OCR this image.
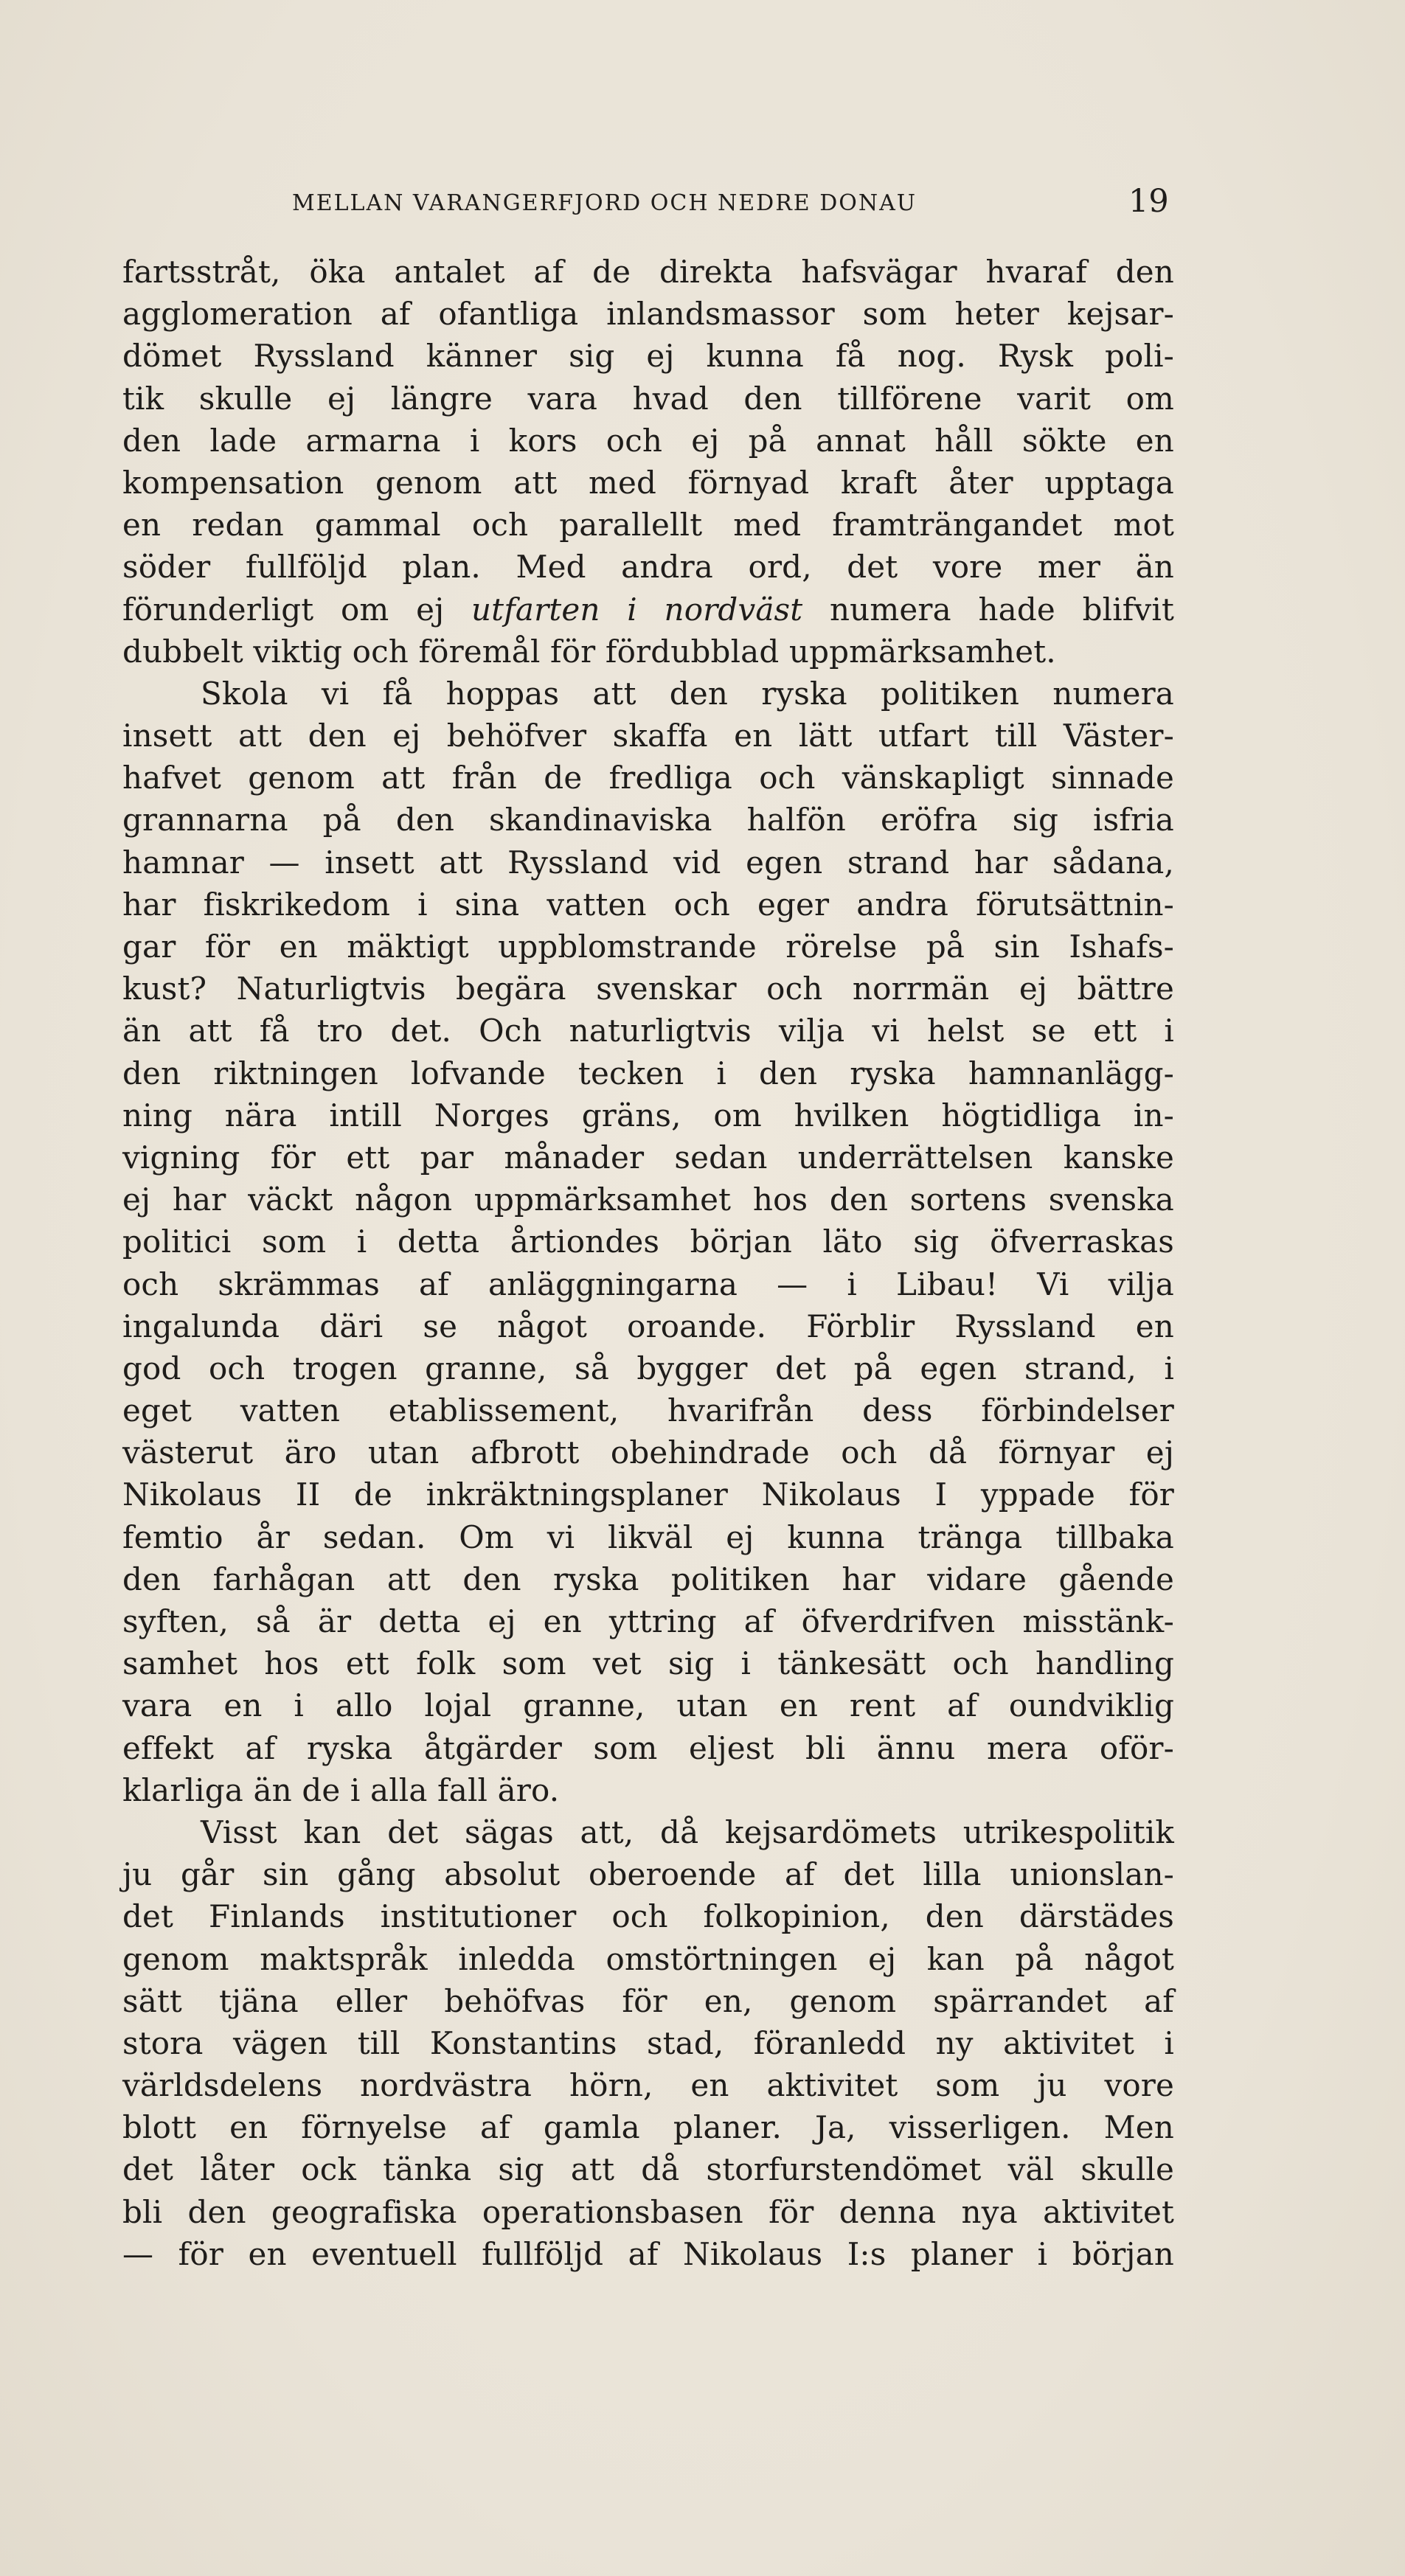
MELLAN VARANGERFJORD OCH NEDRE DONAU	19
fartsstråt, öka antalet af de direkta hafsvägar hvaraf den
agglomeration af ofantliga inlandsmassor som heter kejsar-
dömet Ryssland känner sig ej kunna få nog. Rysk poli-
tik skulle ej längre vara hvad den tillförene varit om
den lade armarna i kors och ej på annat håll sökte en
kompensation genom att med förnyad kraft åter upptaga
en redan gammal och parallellt med framträngandet mot
söder fullföljd plan. Med andra ord, det vore mer än
förunderligt om ej utfarten i nordväst numera hade blifvit
dubbelt viktig och föremål för fördubblad uppmärksamhet.
Skola vi få hoppas att den ryska politiken numera
insett att den ej behöfver skaffa en lätt utfart till Väster-
hafvet genom att från de fredliga och vänskapligt sinnade
grannarna på den skandinaviska halfön eröfra sig isfria
hamnar — insett att Ryssland vid egen strand har sådana,
har fiskrikedom i sina vatten och eger andra förutsättnin-
gar för en mäktigt uppblomstrande rörelse på sin Ishafs-
kust? Naturligtvis begära svenskar och norrmän ej bättre
än att få tro det. Och naturligtvis vilja vi helst se ett i
den riktningen lofvande tecken i den ryska hamnanlägg-
ning nära intill Norges gräns, om hvilken högtidliga in-
vigning för ett par månader sedan underrättelsen kanske
ej har väckt någon uppmärksamhet hos den sortens svenska
politici som i detta årtiondes början läto sig öfverraskas
och skrämmas af anläggningarna — i Libau! Vi vilja
ingalunda däri se något oroande. Förblir Ryssland en
god och trogen granne, så bygger det på egen strand, i
eget vatten etablissement, hvarifrån dess förbindelser
västerut äro utan afbrott obehindrade och då förnyar ej
Nikolaus II de inkräktningsplaner Nikolaus I yppade för
femtio år sedan. Om vi likväl ej kunna tränga tillbaka
den farhågan att den ryska politiken har vidare gående
syften, så är detta ej en yttring af öfverdrifven misstänk-
samhet hos ett folk som vet sig i tänkesätt och handling
vara en i allo lojal granne, utan en rent af oundviklig
effekt af ryska åtgärder som eljest bli ännu mera oför-
klarliga än de i alla fall äro.
Visst kan det sägas att, då kejsardömets utrikespolitik
ju går sin gång absolut oberoende af det lilla unionslan-
det Finlands institutioner och folkopinion, den därstädes
genom maktspråk inledda omstörtningen ej kan på något
sätt tjäna eller behöfvas för en, genom spärrandet af
stora vägen till Konstantins stad, föranledd ny aktivitet i
världsdelens nordvästra hörn, en aktivitet som ju vore
blott en förnyelse af gamla planer. Ja, visserligen. Men
det låter ock tänka sig att då storfurstendömet väl skulle
bli den geografiska operationsbasen för denna nya aktivitet
— för en eventuell fullföljd af Nikolaus I:s planer i början
